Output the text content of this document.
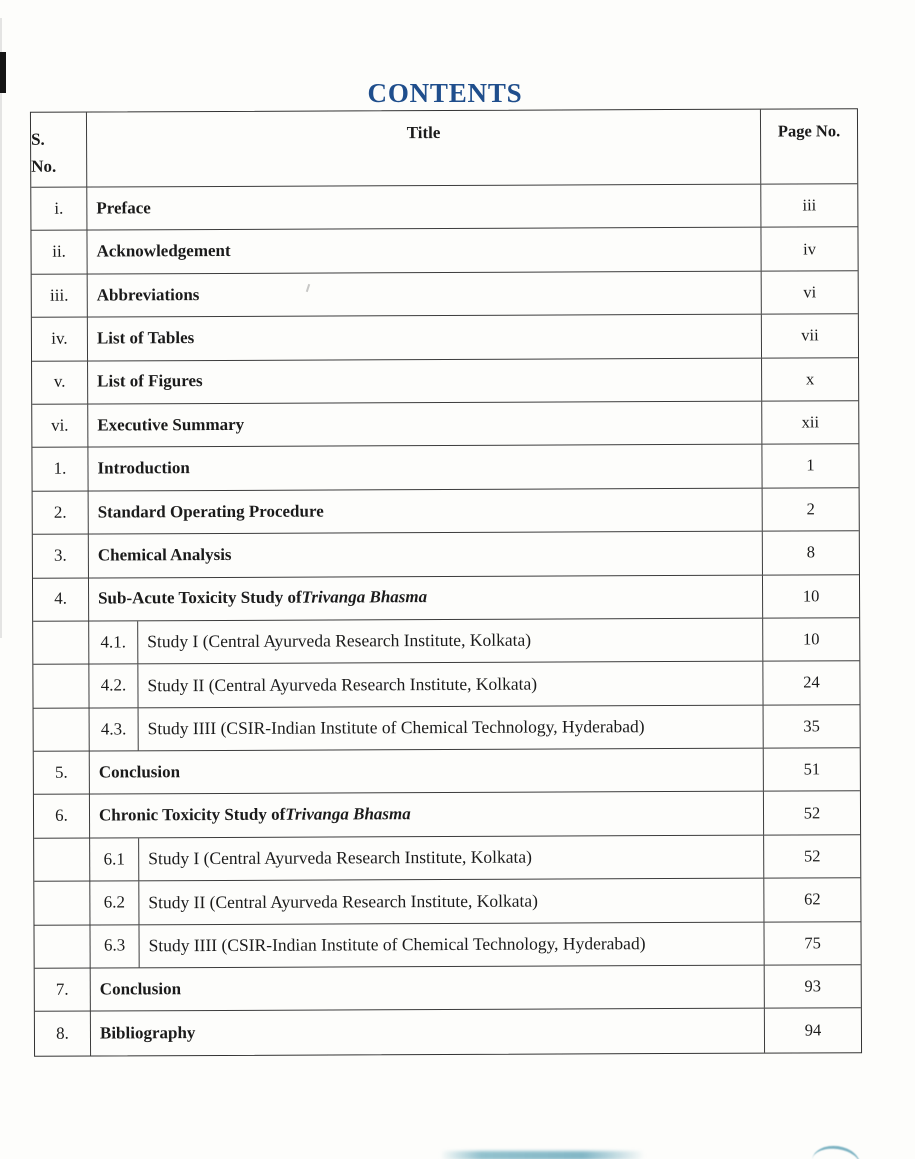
CONTENTS
S.
No.
Title	Page No.
i.	Preface	iii
ii.	Acknowledgement	iv
iii.	Abbreviations	vi
iv.	List of Tables	vii
v.	List of Figures	x
vi.	Executive Summary	xii
1.	Introduction	1
2.	Standard Operating Procedure	2
3.	Chemical Analysis	8
4.	Sub-Acute Toxicity Study of Trivanga Bhasma	10
4.1.	Study I (Central Ayurveda Research Institute, Kolkata)	10
4.2.	Study II (Central Ayurveda Research Institute, Kolkata)	24
4.3.	Study IIII (CSIR-Indian Institute of Chemical Technology, Hyderabad)	35
5.	Conclusion	51
6.	Chronic Toxicity Study of Trivanga Bhasma	52
6.1	Study I (Central Ayurveda Research Institute, Kolkata)	52
6.2	Study II (Central Ayurveda Research Institute, Kolkata)	62
6.3	Study IIII (CSIR-Indian Institute of Chemical Technology, Hyderabad)	75
7.	Conclusion	93
8.	Bibliography	94
